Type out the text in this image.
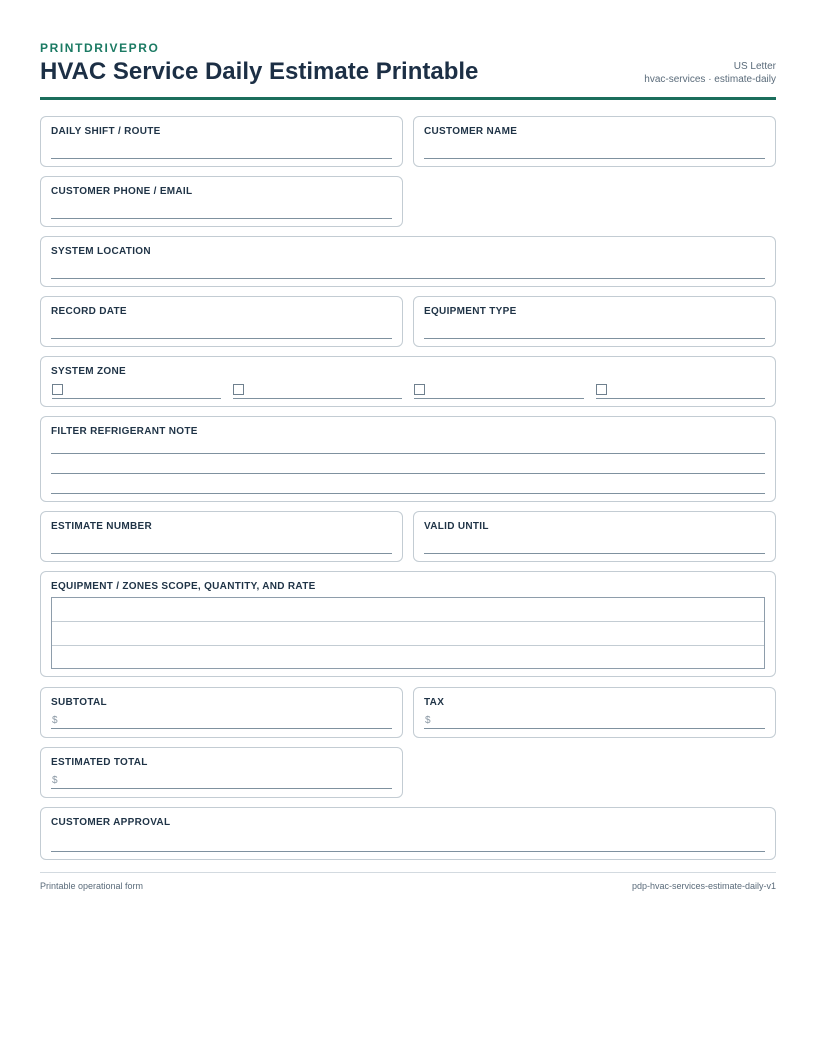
PRINTDRIVEPRO
HVAC Service Daily Estimate Printable	US Letter
hvac-services · estimate-daily
DAILY SHIFT / ROUTE	CUSTOMER NAME
CUSTOMER PHONE / EMAIL
SYSTEM LOCATION
RECORD DATE	EQUIPMENT TYPE
SYSTEM ZONE
FILTER REFRIGERANT NOTE
ESTIMATE NUMBER	VALID UNTIL
EQUIPMENT / ZONES SCOPE, QUANTITY, AND RATE
SUBTOTAL
$
TAX
$
ESTIMATED TOTAL
$
CUSTOMER APPROVAL
Printable operational form	pdp-hvac-services-estimate-daily-v1
